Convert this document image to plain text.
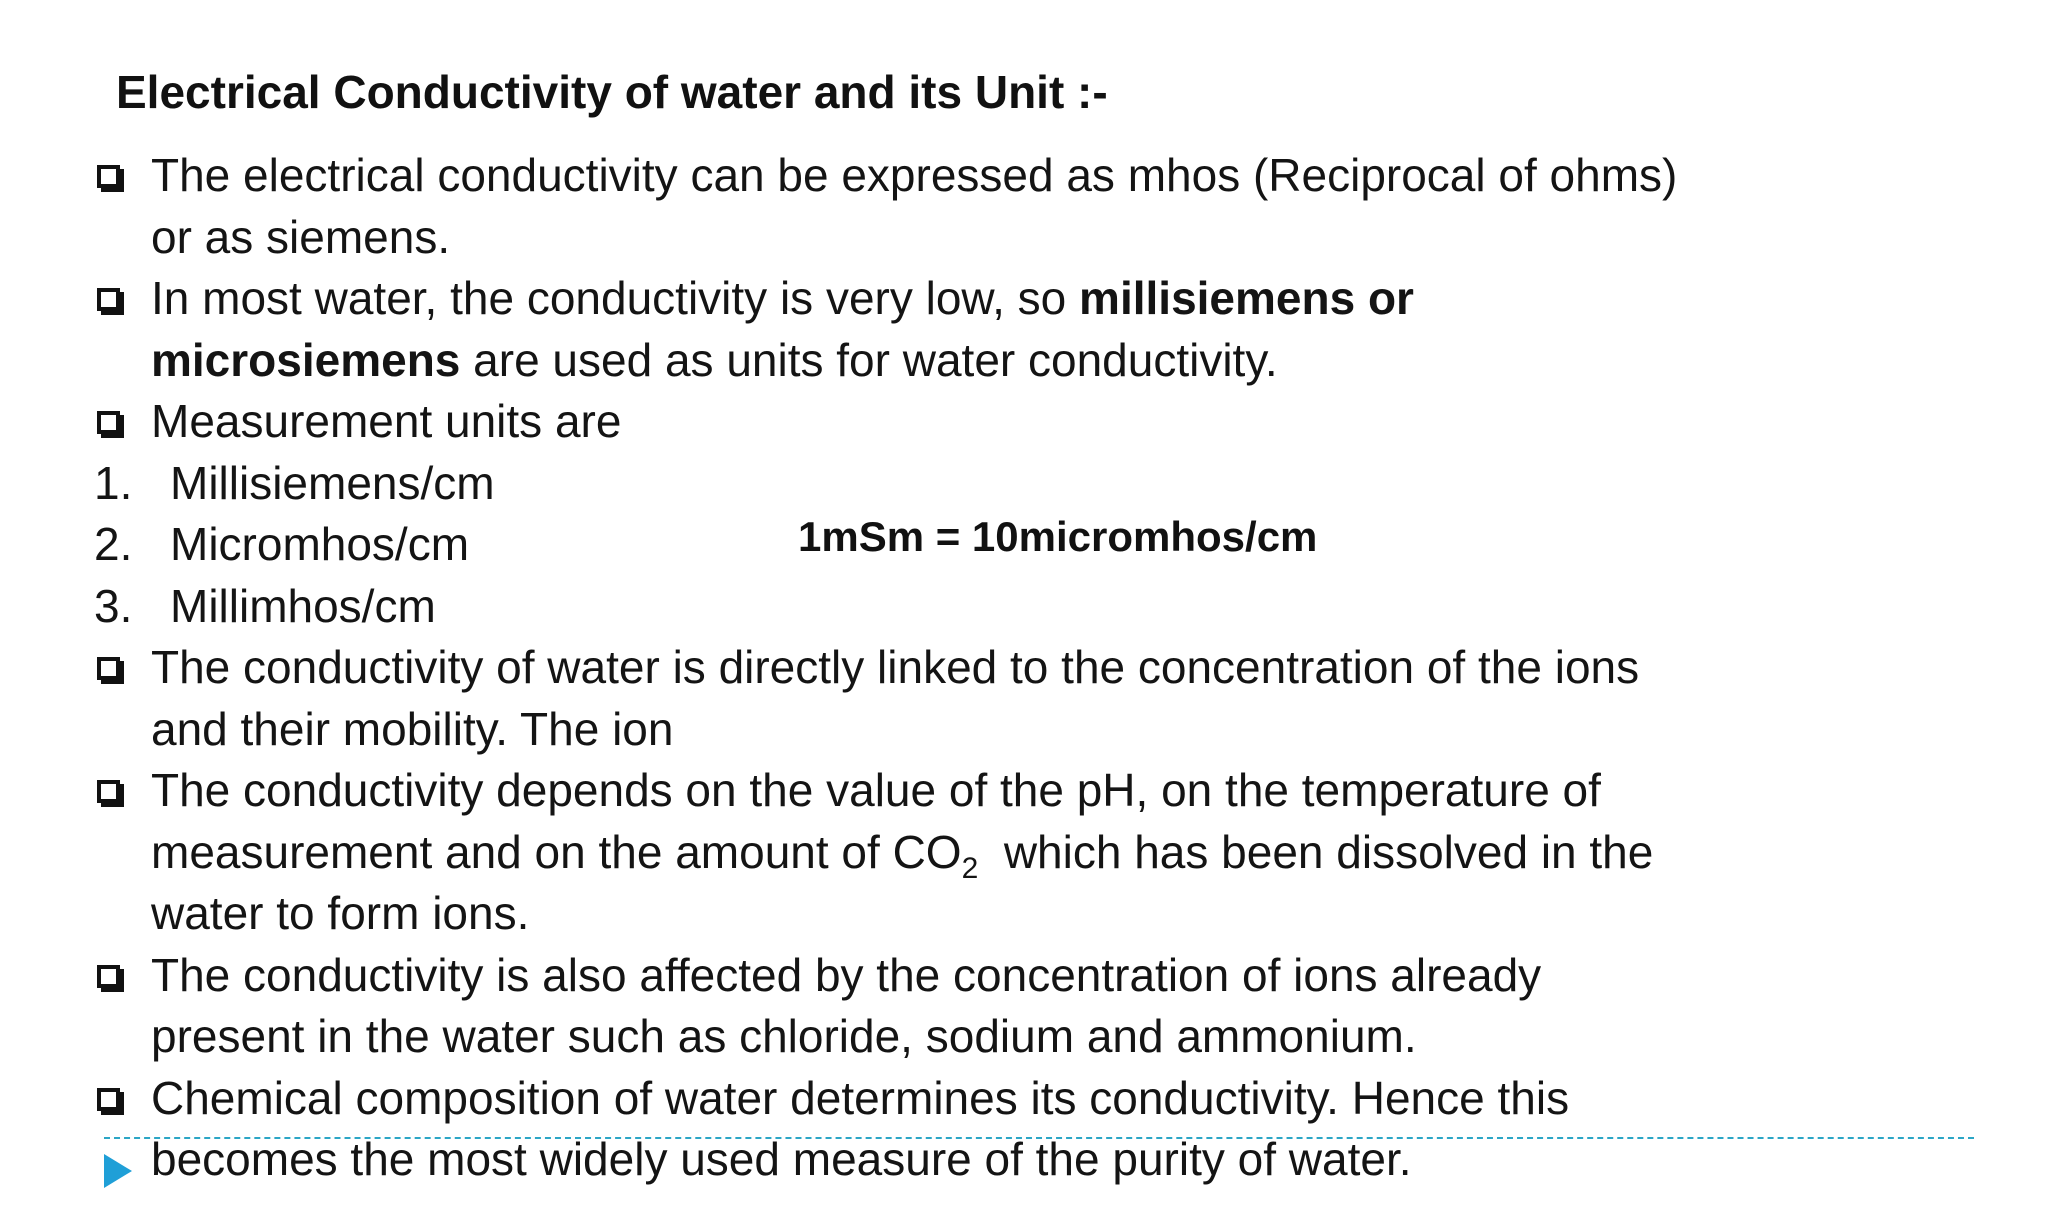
Electrical Conductivity of water and its Unit :-
The electrical conductivity can be expressed as mhos (Reciprocal of ohms)
or as siemens.
In most water, the conductivity is very low, so millisiemens or
microsiemens are used as units for water conductivity.
Measurement units are
1. Millisiemens/cm
2. Micromhos/cm
3. Millimhos/cm
The conductivity of water is directly linked to the concentration of the ions
and their mobility. The ion
The conductivity depends on the value of the pH, on the temperature of
measurement and on the amount of $CO_2$  which has been dissolved in the
water to form ions.
The conductivity is also affected by the concentration of ions already
present in the water such as chloride, sodium and ammonium.
Chemical composition of water determines its conductivity. Hence this
becomes the most widely used measure of the purity of water.
1mSm = 10micromhos/cm
